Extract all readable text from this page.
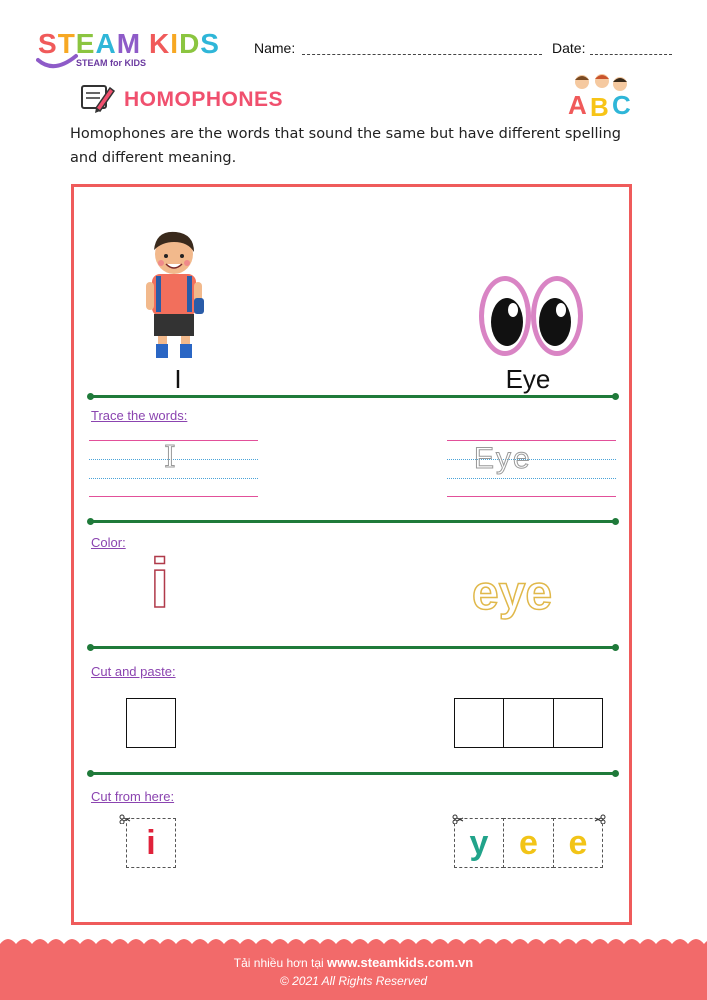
STEAM KIDS
STEAM for KIDS
Name:	Date:
HOMOPHONES	A B C
Homophones are the words that sound the same but have different spelling and different meaning.
I	Eye
Trace the words:
I	Eye
Color:
i	eye
Cut and paste:
Cut from here:
i	y e e
Tải nhiều hơn tại www.steamkids.com.vn
© 2021 All Rights Reserved
